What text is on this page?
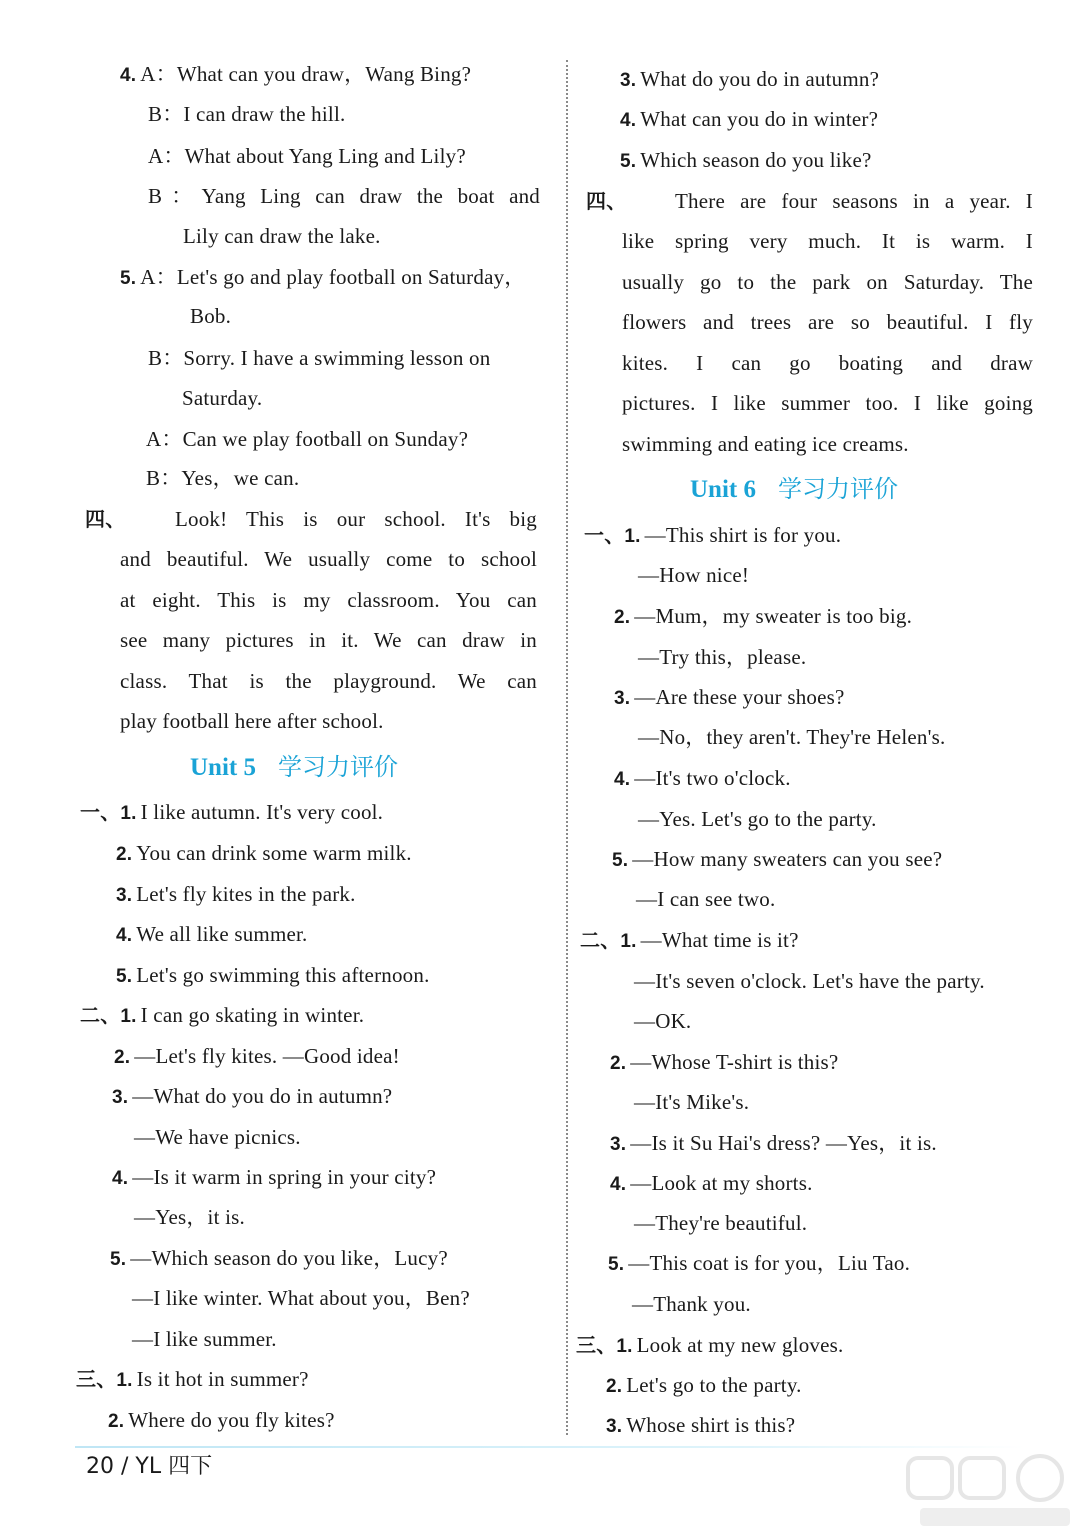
4. A：What can you draw，Wang Bing?
B：I can draw the hill.
A：What about Yang Ling and Lily?
B：Yang Ling can draw the boat and
Lily can draw the lake.
5. A：Let's go and play football on Saturday，
Bob.
B：Sorry. I have a swimming lesson on
Saturday.
A：Can we play football on Sunday?
B：Yes，we can.
四、 Look! This is our school. It's big
and beautiful. We usually come to school
at eight. This is my classroom. You can
see many pictures in it. We can draw in
class. That is the playground. We can
play football here after school.
Unit 5 学习力评价
一、1. I like autumn. It's very cool.
2. You can drink some warm milk.
3. Let's fly kites in the park.
4. We all like summer.
5. Let's go swimming this afternoon.
二、1. I can go skating in winter.
2. —Let's fly kites. —Good idea!
3. —What do you do in autumn?
—We have picnics.
4. —Is it warm in spring in your city?
—Yes，it is.
5. —Which season do you like，Lucy?
—I like winter. What about you，Ben?
—I like summer.
三、1. Is it hot in summer?
2. Where do you fly kites?
3. What do you do in autumn?
4. What can you do in winter?
5. Which season do you like?
四、 There are four seasons in a year. I
like spring very much. It is warm. I
usually go to the park on Saturday. The
flowers and trees are so beautiful. I fly
kites. I can go boating and draw
pictures. I like summer too. I like going
swimming and eating ice creams.
Unit 6 学习力评价
一、1. —This shirt is for you.
—How nice!
2. —Mum，my sweater is too big.
—Try this，please.
3. —Are these your shoes?
—No，they aren't. They're Helen's.
4. —It's two o'clock.
—Yes. Let's go to the party.
5. —How many sweaters can you see?
—I can see two.
二、1. —What time is it?
—It's seven o'clock. Let's have the party.
—OK.
2. —Whose T-shirt is this?
—It's Mike's.
3. —Is it Su Hai's dress? —Yes，it is.
4. —Look at my shorts.
—They're beautiful.
5. —This coat is for you，Liu Tao.
—Thank you.
三、1. Look at my new gloves.
2. Let's go to the party.
3. Whose shirt is this?
20 / YL 四下
